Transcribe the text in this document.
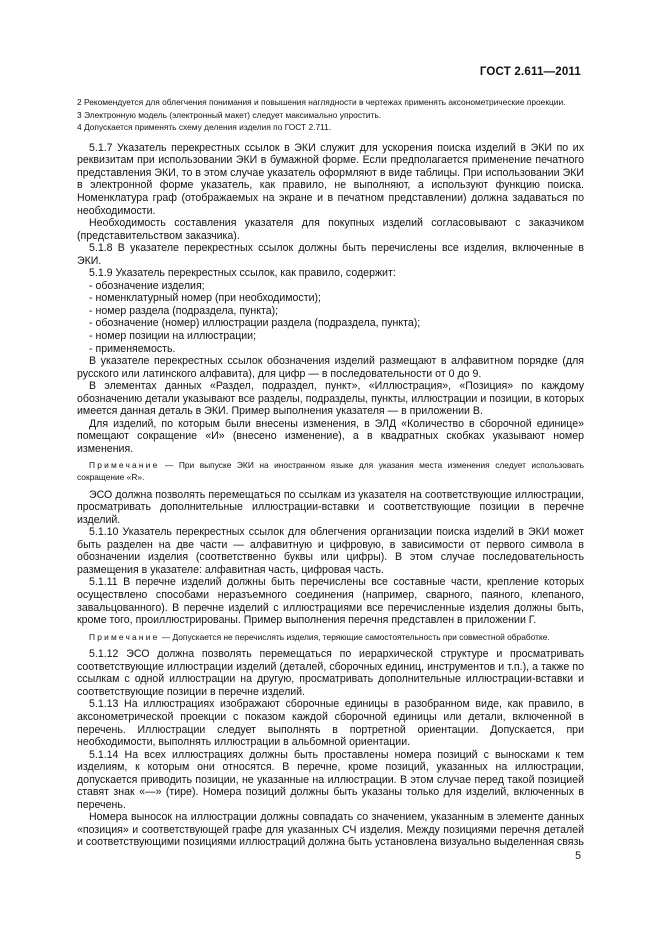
ГОСТ 2.611—2011

2 Рекомендуется для облегчения понимания и повышения наглядности в чертежах применять аксонометрические проекции.

3 Электронную модель (электронный макет) следует максимально упростить.

4 Допускается применять схему деления изделия по ГОСТ 2.711.

5.1.7 Указатель перекрестных ссылок в ЭКИ служит для ускорения поиска изделий в ЭКИ по их реквизитам при использовании ЭКИ в бумажной форме. Если предполагается применение печатного представления ЭКИ, то в этом случае указатель оформляют в виде таблицы. При использовании ЭКИ в электронной форме указатель, как правило, не выполняют, а используют функцию поиска. Номенклатура граф (отображаемых на экране и в печатном представлении) должна задаваться по необходимости.

Необходимость составления указателя для покупных изделий согласовывают с заказчиком (представительством заказчика).

5.1.8 В указателе перекрестных ссылок должны быть перечислены все изделия, включенные в ЭКИ.

5.1.9 Указатель перекрестных ссылок, как правило, содержит:

- обозначение изделия;

- номенклатурный номер (при необходимости);

- номер раздела (подраздела, пункта);

- обозначение (номер) иллюстрации раздела (подраздела, пункта);

- номер позиции на иллюстрации;

- применяемость.

В указателе перекрестных ссылок обозначения изделий размещают в алфавитном порядке (для русского или латинского алфавита), для цифр — в последовательности от 0 до 9.

В элементах данных «Раздел, подраздел, пункт», «Иллюстрация», «Позиция» по каждому обозначению детали указывают все разделы, подразделы, пункты, иллюстрации и позиции, в которых имеется данная деталь в ЭКИ. Пример выполнения указателя — в приложении В.

Для изделий, по которым были внесены изменения, в ЭЛД «Количество в сборочной единице» помещают сокращение «И» (внесено изменение), а в квадратных скобках указывают номер изменения.

Примечание — При выпуске ЭКИ на иностранном языке для указания места изменения следует использовать сокращение «R».

ЭСО должна позволять перемещаться по ссылкам из указателя на соответствующие иллюстрации, просматривать дополнительные иллюстрации-вставки и соответствующие позиции в перечне изделий.

5.1.10 Указатель перекрестных ссылок для облегчения организации поиска изделий в ЭКИ может быть разделен на две части — алфавитную и цифровую, в зависимости от первого символа в обозначении изделия (соответственно буквы или цифры). В этом случае последовательность размещения в указателе: алфавитная часть, цифровая часть.

5.1.11 В перечне изделий должны быть перечислены все составные части, крепление которых осуществлено способами неразъемного соединения (например, сварного, паяного, клепаного, завальцованного). В перечне изделий с иллюстрациями все перечисленные изделия должны быть, кроме того, проиллюстрированы. Пример выполнения перечня представлен в приложении Г.

Примечание — Допускается не перечислять изделия, теряющие самостоятельность при совместной обработке.

5.1.12 ЭСО должна позволять перемещаться по иерархической структуре и просматривать соответствующие иллюстрации изделий (деталей, сборочных единиц, инструментов и т.п.), а также по ссылкам с одной иллюстрации на другую, просматривать дополнительные иллюстрации-вставки и соответствующие позиции в перечне изделий.

5.1.13 На иллюстрациях изображают сборочные единицы в разобранном виде, как правило, в аксонометрической проекции с показом каждой сборочной единицы или детали, включенной в перечень. Иллюстрации следует выполнять в портретной ориентации. Допускается, при необходимости, выполнять иллюстрации в альбомной ориентации.

5.1.14 На всех иллюстрациях должны быть проставлены номера позиций с выносками к тем изделиям, к которым они относятся. В перечне, кроме позиций, указанных на иллюстрации, допускается приводить позиции, не указанные на иллюстрации. В этом случае перед такой позицией ставят знак «—» (тире). Номера позиций должны быть указаны только для изделий, включенных в перечень.

Номера выносок на иллюстрации должны совпадать со значением, указанным в элементе данных «позиция» и соответствующей графе для указанных СЧ изделия. Между позициями перечня деталей и соответствующими позициями иллюстраций должна быть установлена визуально выделенная связь

5
